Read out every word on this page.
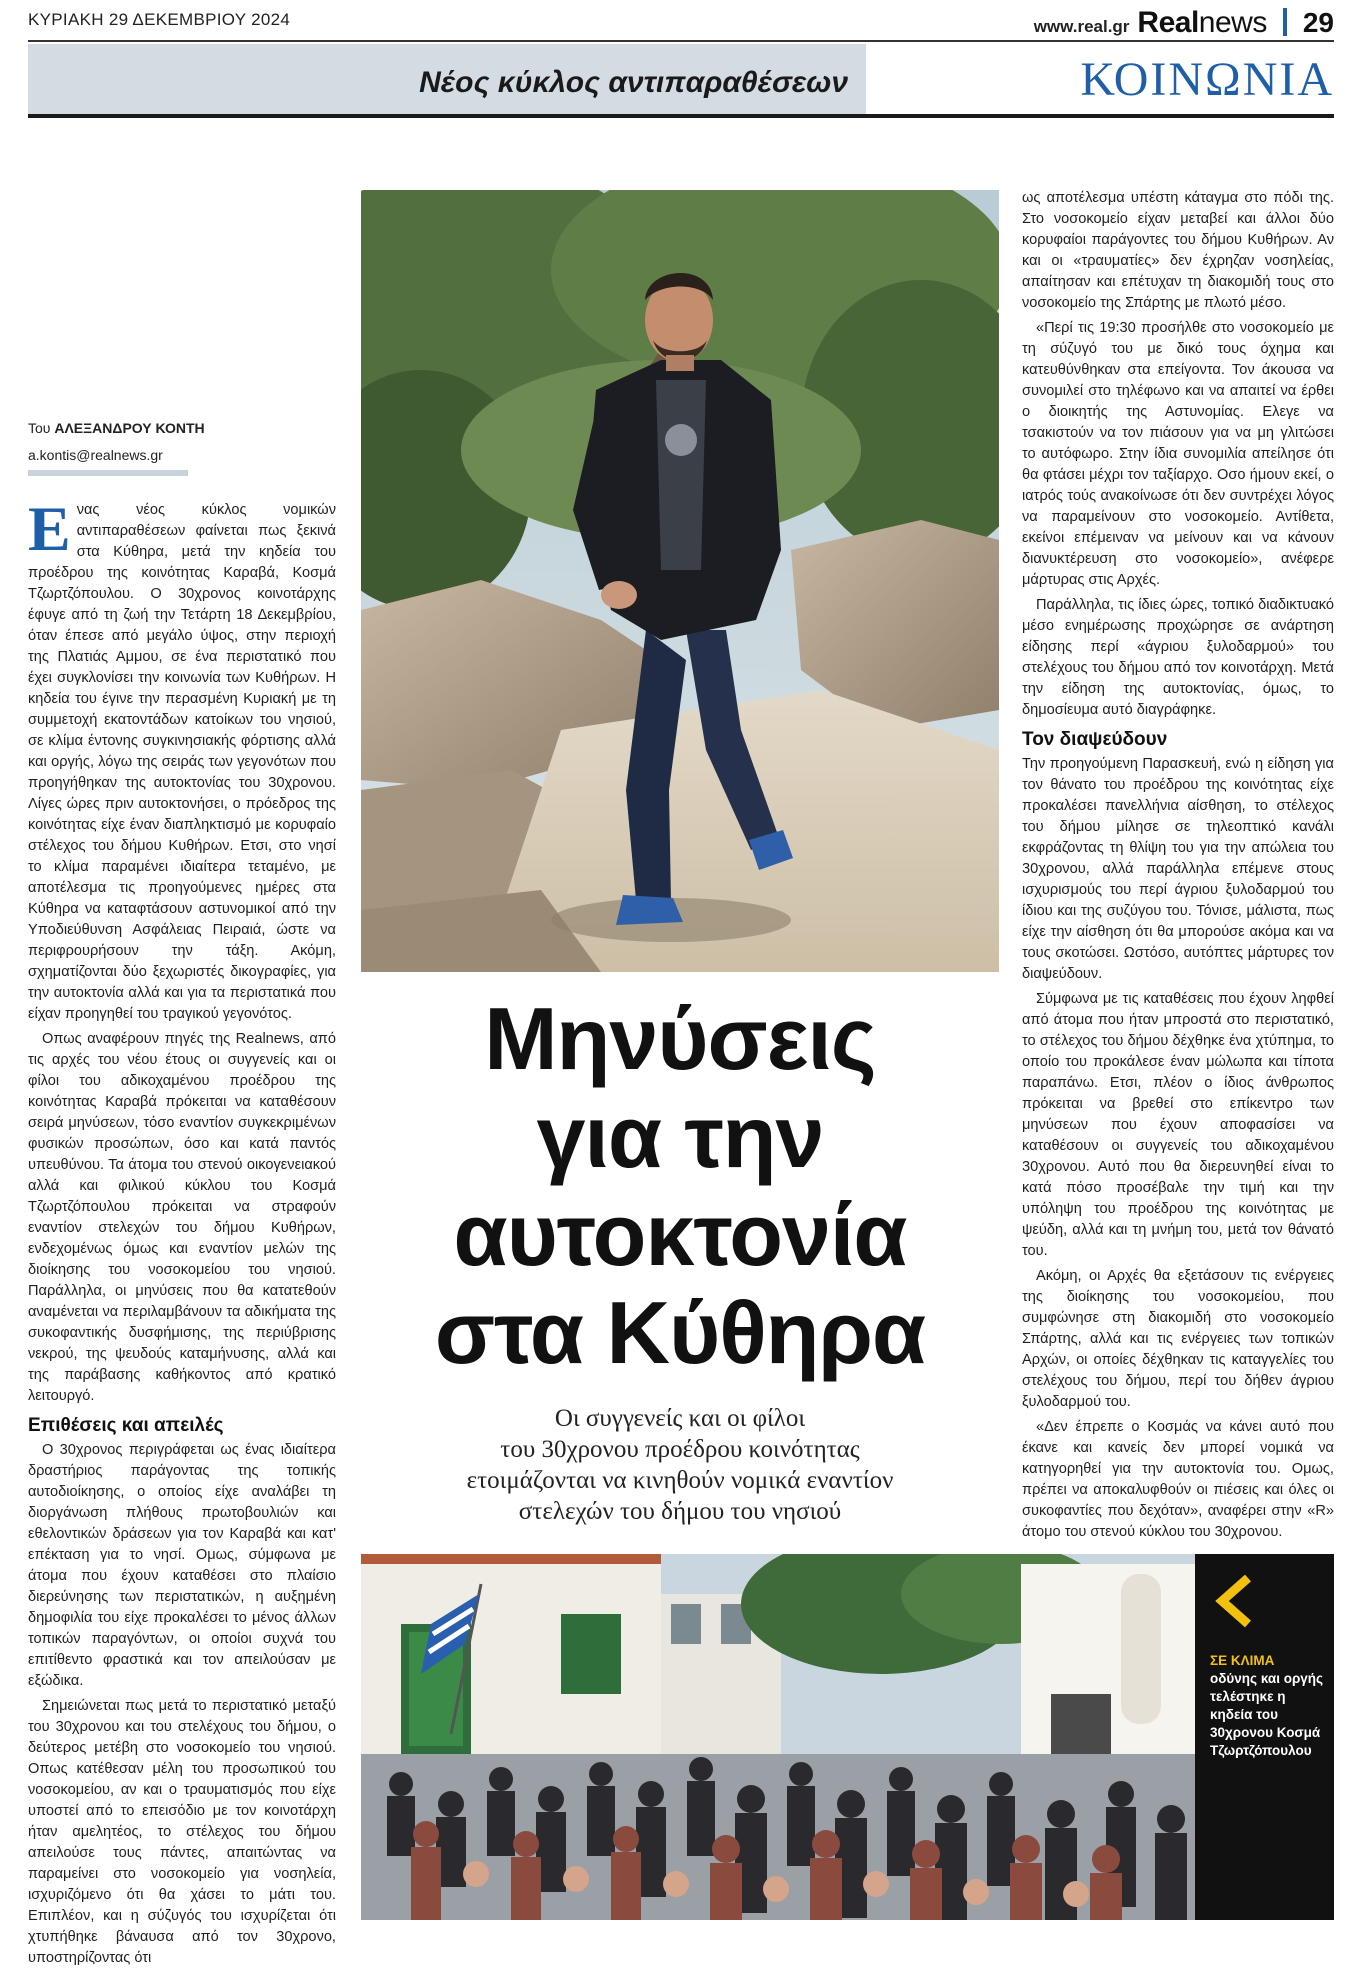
ΚΥΡΙΑΚΗ 29 ΔΕΚΕΜΒΡΙΟΥ 2024	www.real.gr Realnews 29
Νέος κύκλος αντιπαραθέσεων	ΚΟΙΝΩΝΙΑ
Του ΑΛΕΞΑΝΔΡΟΥ ΚΟΝΤΗ
a.kontis@realnews.gr

Ενας νέος κύκλος νομικών αντιπαραθέσεων φαίνεται πως ξεκινά στα Κύθηρα, μετά την κηδεία του προέδρου της κοινότητας Καραβά, Κοσμά Τζωρτζόπουλου. Ο 30χρονος κοινοτάρχης έφυγε από τη ζωή την Τετάρτη 18 Δεκεμβρίου, όταν έπεσε από μεγάλο ύψος, στην περιοχή της Πλατιάς Αμμου, σε ένα περιστατικό που έχει συγκλονίσει την κοινωνία των Κυθήρων. Η κηδεία του έγινε την περασμένη Κυριακή με τη συμμετοχή εκατοντάδων κατοίκων του νησιού, σε κλίμα έντονης συγκινησιακής φόρτισης αλλά και οργής, λόγω της σειράς των γεγονότων που προηγήθηκαν της αυτοκτονίας του 30χρονου. Λίγες ώρες πριν αυτοκτονήσει, ο πρόεδρος της κοινότητας είχε έναν διαπληκτισμό με κορυφαίο στέλεχος του δήμου Κυθήρων. Ετσι, στο νησί το κλίμα παραμένει ιδιαίτερα τεταμένο, με αποτέλεσμα τις προηγούμενες ημέρες στα Κύθηρα να καταφτάσουν αστυνομικοί από την Υποδιεύθυνση Ασφάλειας Πειραιά, ώστε να περιφρουρήσουν την τάξη. Ακόμη, σχηματίζονται δύο ξεχωριστές δικογραφίες, για την αυτοκτονία αλλά και για τα περιστατικά που είχαν προηγηθεί του τραγικού γεγονότος.

Οπως αναφέρουν πηγές της Realnews, από τις αρχές του νέου έτους οι συγγενείς και οι φίλοι του αδικοχαμένου προέδρου της κοινότητας Καραβά πρόκειται να καταθέσουν σειρά μηνύσεων, τόσο εναντίον συγκεκριμένων φυσικών προσώπων, όσο και κατά παντός υπευθύνου. Τα άτομα του στενού οικογενειακού αλλά και φιλικού κύκλου του Κοσμά Τζωρτζόπουλου πρόκειται να στραφούν εναντίον στελεχών του δήμου Κυθήρων, ενδεχομένως όμως και εναντίον μελών της διοίκησης του νοσοκομείου του νησιού. Παράλληλα, οι μηνύσεις που θα κατατεθούν αναμένεται να περιλαμβάνουν τα αδικήματα της συκοφαντικής δυσφήμισης, της περιύβρισης νεκρού, της ψευδούς καταμήνυσης, αλλά και της παράβασης καθήκοντος από κρατικό λειτουργό.

Επιθέσεις και απειλές

Ο 30χρονος περιγράφεται ως ένας ιδιαίτερα δραστήριος παράγοντας της τοπικής αυτοδιοίκησης, ο οποίος είχε αναλάβει τη διοργάνωση πλήθους πρωτοβουλιών και εθελοντικών δράσεων για τον Καραβά και κατ' επέκταση για το νησί. Ομως, σύμφωνα με άτομα που έχουν καταθέσει στο πλαίσιο διερεύνησης των περιστατικών, η αυξημένη δημοφιλία του είχε προκαλέσει το μένος άλλων τοπικών παραγόντων, οι οποίοι συχνά του επιτίθεντο φραστικά και τον απειλούσαν με εξώδικα.

Σημειώνεται πως μετά το περιστατικό μεταξύ του 30χρονου και του στελέχους του δήμου, ο δεύτερος μετέβη στο νοσοκομείο του νησιού. Οπως κατέθεσαν μέλη του προσωπικού του νοσοκομείου, αν και ο τραυματισμός που είχε υποστεί από το επεισόδιο με τον κοινοτάρχη ήταν αμελητέος, το στέλεχος του δήμου απειλούσε τους πάντες, απαιτώντας να παραμείνει στο νοσοκομείο για νοσηλεία, ισχυριζόμενο ότι θα χάσει το μάτι του. Επιπλέον, και η σύζυγός του ισχυρίζεται ότι χτυπήθηκε βάναυσα από τον 30χρονο, υποστηρίζοντας ότι

Μηνύσεις
για την
αυτοκτονία
στα Κύθηρα
Οι συγγενείς και οι φίλοι
του 30χρονου προέδρου κοινότητας
ετοιμάζονται να κινηθούν νομικά εναντίον
στελεχών του δήμου του νησιού

ως αποτέλεσμα υπέστη κάταγμα στο πόδι της. Στο νοσοκομείο είχαν μεταβεί και άλλοι δύο κορυφαίοι παράγοντες του δήμου Κυθήρων. Αν και οι «τραυματίες» δεν έχρηζαν νοσηλείας, απαίτησαν και επέτυχαν τη διακομιδή τους στο νοσοκομείο της Σπάρτης με πλωτό μέσο.

«Περί τις 19:30 προσήλθε στο νοσοκομείο με τη σύζυγό του με δικό τους όχημα και κατευθύνθηκαν στα επείγοντα. Τον άκουσα να συνομιλεί στο τηλέφωνο και να απαιτεί να έρθει ο διοικητής της Αστυνομίας. Ελεγε να τσακιστούν να τον πιάσουν για να μη γλιτώσει το αυτόφωρο. Στην ίδια συνομιλία απείλησε ότι θα φτάσει μέχρι τον ταξίαρχο. Οσο ήμουν εκεί, ο ιατρός τούς ανακοίνωσε ότι δεν συντρέχει λόγος να παραμείνουν στο νοσοκομείο. Αντίθετα, εκείνοι επέμειναν να μείνουν και να κάνουν διανυκτέρευση στο νοσοκομείο», ανέφερε μάρτυρας στις Αρχές.

Παράλληλα, τις ίδιες ώρες, τοπικό διαδικτυακό μέσο ενημέρωσης προχώρησε σε ανάρτηση είδησης περί «άγριου ξυλοδαρμού» του στελέχους του δήμου από τον κοινοτάρχη. Μετά την είδηση της αυτοκτονίας, όμως, το δημοσίευμα αυτό διαγράφηκε.

Τον διαψεύδουν

Την προηγούμενη Παρασκευή, ενώ η είδηση για τον θάνατο του προέδρου της κοινότητας είχε προκαλέσει πανελλήνια αίσθηση, το στέλεχος του δήμου μίλησε σε τηλεοπτικό κανάλι εκφράζοντας τη θλίψη του για την απώλεια του 30χρονου, αλλά παράλληλα επέμενε στους ισχυρισμούς του περί άγριου ξυλοδαρμού του ίδιου και της συζύγου του. Τόνισε, μάλιστα, πως είχε την αίσθηση ότι θα μπορούσε ακόμα και να τους σκοτώσει. Ωστόσο, αυτόπτες μάρτυρες τον διαψεύδουν.

Σύμφωνα με τις καταθέσεις που έχουν ληφθεί από άτομα που ήταν μπροστά στο περιστατικό, το στέλεχος του δήμου δέχθηκε ένα χτύπημα, το οποίο του προκάλεσε έναν μώλωπα και τίποτα παραπάνω. Ετσι, πλέον ο ίδιος άνθρωπος πρόκειται να βρεθεί στο επίκεντρο των μηνύσεων που έχουν αποφασίσει να καταθέσουν οι συγγενείς του αδικοχαμένου 30χρονου. Αυτό που θα διερευνηθεί είναι το κατά πόσο προσέβαλε την τιμή και την υπόληψη του προέδρου της κοινότητας με ψεύδη, αλλά και τη μνήμη του, μετά τον θάνατό του.

Ακόμη, οι Αρχές θα εξετάσουν τις ενέργειες της διοίκησης του νοσοκομείου, που συμφώνησε στη διακομιδή στο νοσοκομείο Σπάρτης, αλλά και τις ενέργειες των τοπικών Αρχών, οι οποίες δέχθηκαν τις καταγγελίες του στελέχους του δήμου, περί του δήθεν άγριου ξυλοδαρμού του.

«Δεν έπρεπε ο Κοσμάς να κάνει αυτό που έκανε και κανείς δεν μπορεί νομικά να κατηγορηθεί για την αυτοκτονία του. Ομως, πρέπει να αποκαλυφθούν οι πιέσεις και όλες οι συκοφαντίες που δεχόταν», αναφέρει στην «R» άτομο του στενού κύκλου του 30χρονου.

ΣΕ ΚΛΙΜΑ
οδύνης και οργής τελέστηκε η κηδεία του 30χρονου Κοσμά Τζωρτζόπουλου
